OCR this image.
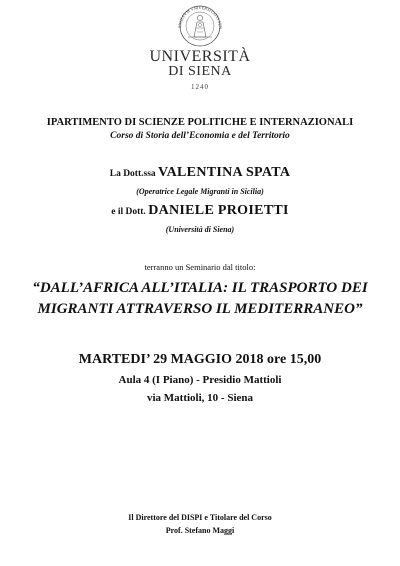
SIGILLVM VNIVERSITATIS SEN
UNIVERSITÀ
DI SIENA
1240
IPARTIMENTO DI SCIENZE POLITICHE E INTERNAZIONALI
Corso di Storia dell’Economia e del Territorio
La Dott.ssa VALENTINA SPATA
(Operatrice Legale Migranti in Sicilia)
e il Dott. DANIELE PROIETTI
(Università di Siena)
terranno un Seminario dal titolo:
“DALL’AFRICA ALL’ITALIA: IL TRASPORTO DEI
MIGRANTI ATTRAVERSO IL MEDITERRANEO”
MARTEDI’ 29 MAGGIO 2018 ore 15,00
Aula 4 (I Piano) - Presidio Mattioli
via Mattioli, 10 - Siena
Il Direttore del DISPI e Titolare del Corso
Prof. Stefano Maggi
